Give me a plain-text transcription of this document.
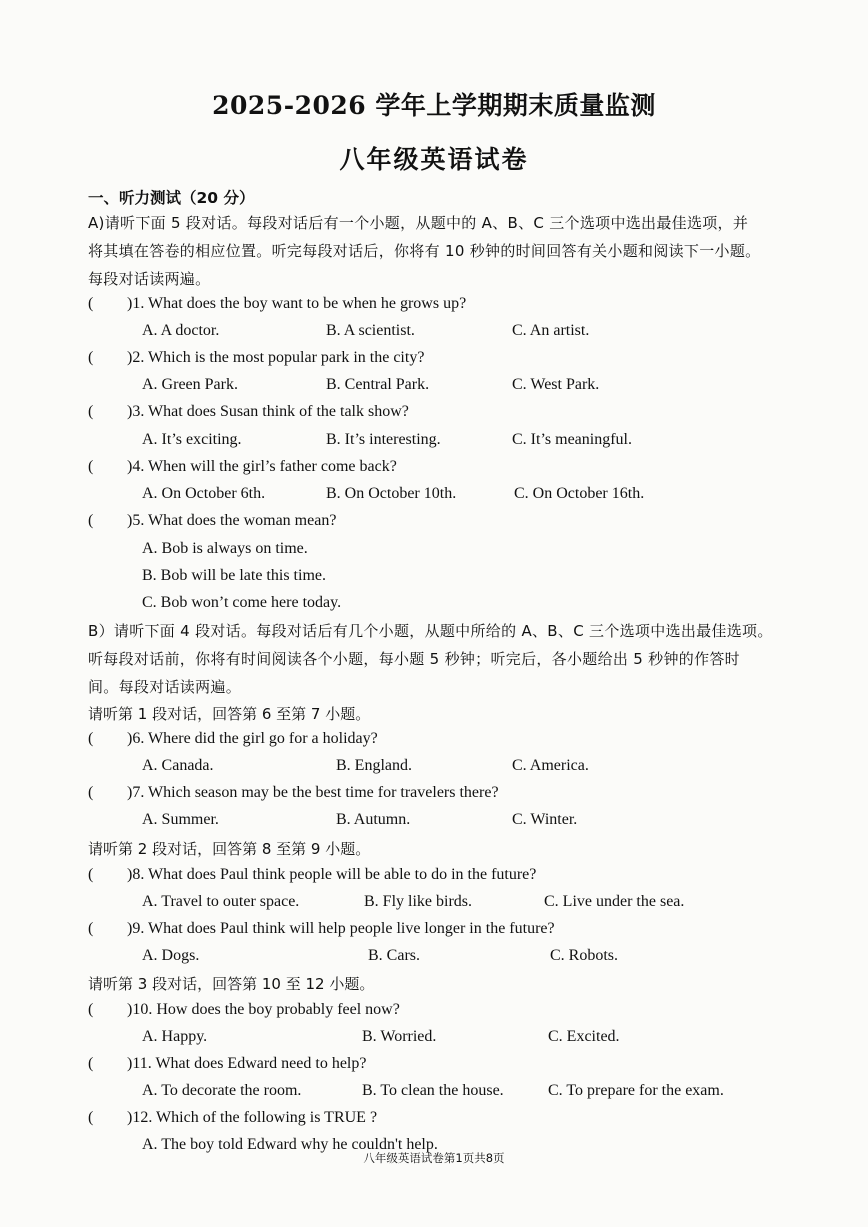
2025-2026 学年上学期期末质量监测
八年级英语试卷
一、听力测试（20 分）
A)请听下面 5 段对话。每段对话后有一个小题，从题中的 A、B、C 三个选项中选出最佳选项，并
将其填在答卷的相应位置。听完每段对话后，你将有 10 秒钟的时间回答有关小题和阅读下一小题。
每段对话读两遍。
( )1. What does the boy want to be when he grows up?
A. A doctor.	B. A scientist.	C. An artist.
( )2. Which is the most popular park in the city?
A. Green Park.	B. Central Park.	C. West Park.
( )3. What does Susan think of the talk show?
A. It’s exciting.	B. It’s interesting.	C. It’s meaningful.
( )4. When will the girl’s father come back?
A. On October 6th.	B. On October 10th.	C. On October 16th.
( )5. What does the woman mean?
A. Bob is always on time.
B. Bob will be late this time.
C. Bob won’t come here today.
B）请听下面 4 段对话。每段对话后有几个小题，从题中所给的 A、B、C 三个选项中选出最佳选项。
听每段对话前，你将有时间阅读各个小题，每小题 5 秒钟；听完后，各小题给出 5 秒钟的作答时
间。每段对话读两遍。
请听第 1 段对话，回答第 6 至第 7 小题。
( )6. Where did the girl go for a holiday?
A. Canada.	B. England.	C. America.
( )7. Which season may be the best time for travelers there?
A. Summer.	B. Autumn.	C. Winter.
请听第 2 段对话，回答第 8 至第 9 小题。
( )8. What does Paul think people will be able to do in the future?
A. Travel to outer space.	B. Fly like birds.	C. Live under the sea.
( )9. What does Paul think will help people live longer in the future?
A. Dogs.	B. Cars.	C. Robots.
请听第 3 段对话，回答第 10 至 12 小题。
( )10. How does the boy probably feel now?
A. Happy.	B. Worried.	C. Excited.
( )11. What does Edward need to help?
A. To decorate the room.	B. To clean the house.	C. To prepare for the exam.
( )12. Which of the following is TRUE ?
A. The boy told Edward why he couldn't help.
八年级英语试卷第1页共8页
